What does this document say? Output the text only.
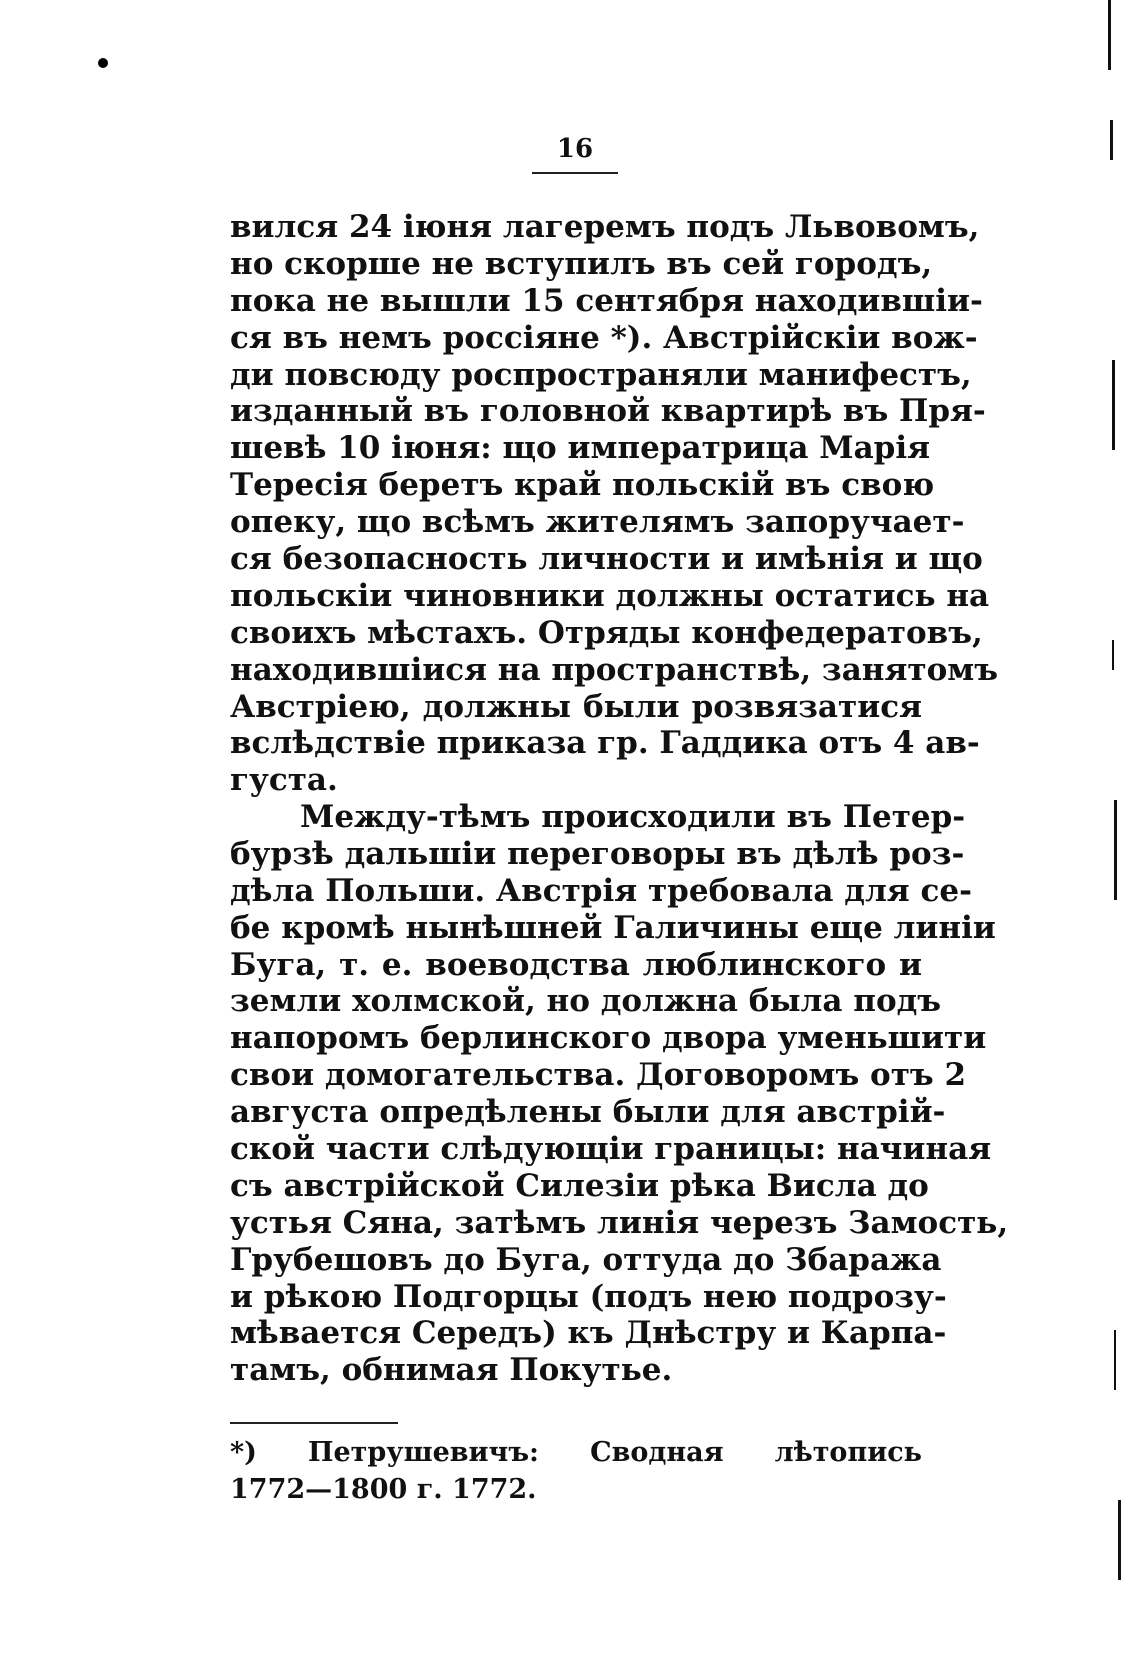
16
вился 24 іюня лагеремъ подъ Львовомъ,
но скорше не вступилъ въ сей городъ,
пока не вышли 15 сентября находившіи-
ся въ немъ россіяне *). Австрійскіи вож-
ди повсюду роспространяли манифестъ,
изданный въ головной квартирѣ въ Пря-
шевѣ 10 іюня: що императрица Марія
Тересія беретъ край польскій въ свою
опеку, що всѣмъ жителямъ запоручает-
ся безопасность личности и имѣнія и що
польскіи чиновники должны остатись на
своихъ мѣстахъ. Отряды конфедератовъ,
находившіися на пространствѣ, занятомъ
Австріею, должны были розвязатися
вслѣдствіе приказа гр. Гаддика отъ 4 ав-
густа.
Между-тѣмъ происходили въ Петер-
бурзѣ дальшіи переговоры въ дѣлѣ роз-
дѣла Польши. Австрія требовала для се-
бе кромѣ нынѣшней Галичины еще линіи
Буга, т. е. воеводства люблинского и
земли холмской, но должна была подъ
напоромъ берлинского двора уменьшити
свои домогательства. Договоромъ отъ 2
августа опредѣлены были для австрій-
ской части слѣдующіи границы: начиная
съ австрійской Силезіи рѣка Висла до
устья Сяна, затѣмъ линія черезъ Замость,
Грубешовъ до Буга, оттуда до Збаража
и рѣкою Подгорцы (подъ нею подрозу-
мѣвается Середъ) къ Днѣстру и Карпа-
тамъ, обнимая Покутье.
*) Петрушевичъ: Сводная лѣтопись
1772—1800 г. 1772.
